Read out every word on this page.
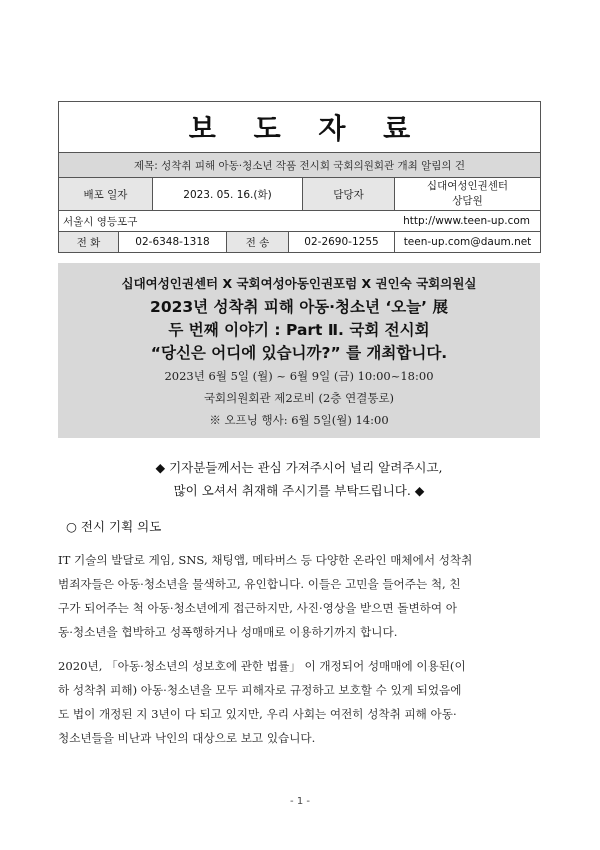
보 도 자 료
제목: 성착취 피해 아동·청소년 작품 전시회 국회의원회관 개최 알림의 건
배포 일자	2023. 05. 16.(화)	담당자
십대여성인권센터
상담원
서울시 영등포구	http://www.teen-up.com
전 화	02-6348-1318	전 송	02-2690-1255	teen-up.com@daum.net
십대여성인권센터 X 국회여성아동인권포럼 X 권인숙 국회의원실
2023년 성착취 피해 아동·청소년 ‘오늘’ 展
두 번째 이야기 : Part Ⅱ. 국회 전시회
“당신은 어디에 있습니까?” 를 개최합니다.
2023년 6월 5일 (월) ~ 6월 9일 (금) 10:00~18:00
국회의원회관 제2로비 (2층 연결통로)
※ 오프닝 행사: 6월 5일(월) 14:00
◆ 기자분들께서는 관심 가져주시어 널리 알려주시고,
많이 오셔서 취재해 주시기를 부탁드립니다. ◆
○ 전시 기획 의도

IT 기술의 발달로 게임, SNS, 채팅앱, 메타버스 등 다양한 온라인 매체에서 성착취

범죄자들은 아동·청소년을 물색하고, 유인합니다. 이들은 고민을 들어주는 척, 친

구가 되어주는 척 아동·청소년에게 접근하지만, 사진·영상을 받으면 돌변하여 아

동·청소년을 협박하고 성폭행하거나 성매매로 이용하기까지 합니다.

2020년, 「아동·청소년의 성보호에 관한 법률」 이 개정되어 성매매에 이용된(이

하 성착취 피해) 아동·청소년을 모두 피해자로 규정하고 보호할 수 있게 되었음에

도 법이 개정된 지 3년이 다 되고 있지만, 우리 사회는 여전히 성착취 피해 아동·

청소년들을 비난과 낙인의 대상으로 보고 있습니다.

- 1 -
